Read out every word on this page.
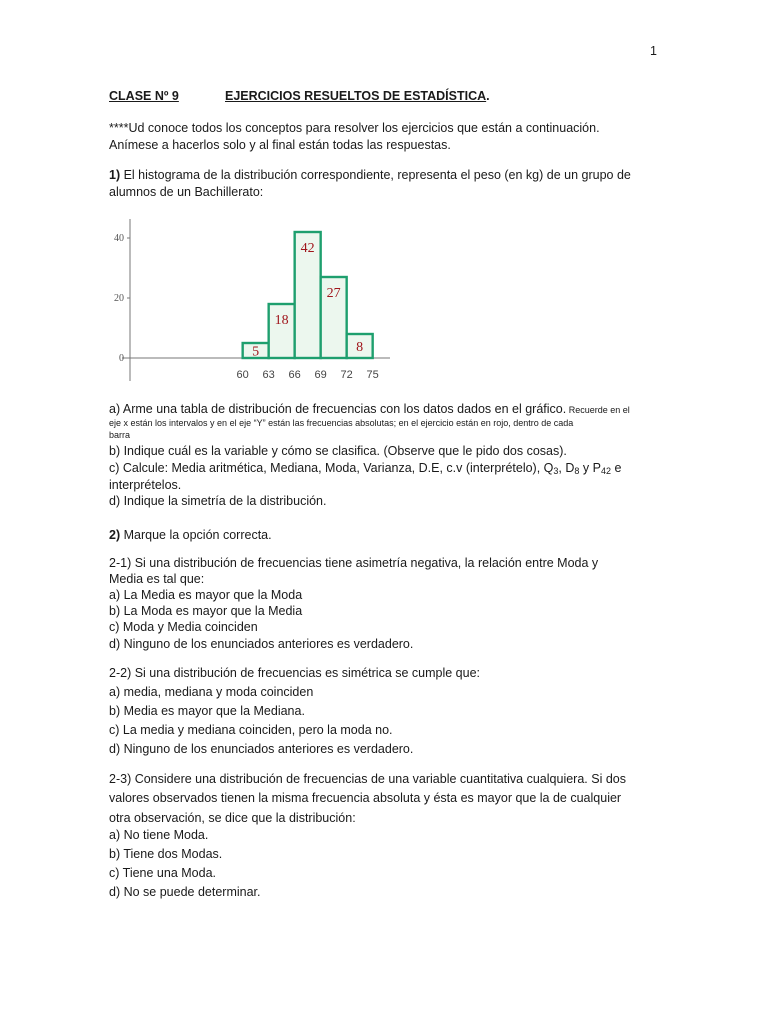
1
CLASE Nº 9	EJERCICIOS RESUELTOS DE ESTADÍSTICA.
****Ud conoce todos los conceptos para resolver los ejercicios que están a continuación.
Anímese a hacerlos solo y al final están todas las respuestas.
1) El histograma de la distribución correspondiente, representa el peso (en kg) de un grupo de
alumnos de un Bachillerato:
0
20
40
5
18
42
27
8
60 63 66 69 72 75
a) Arme una tabla de distribución de frecuencias con los datos dados en el gráfico. Recuerde en el
eje x están los intervalos y en el eje “Y” están las frecuencias absolutas; en el ejercicio están en rojo, dentro de cada
barra
b) Indique cuál es la variable y cómo se clasifica. (Observe que le pido dos cosas).
c) Calcule: Media aritmética, Mediana, Moda, Varianza, D.E, c.v (interprételo), $Q_3$, $D_8$ y $P_{42}$ e
interprételos.
d) Indique la simetría de la distribución.
2) Marque la opción correcta.
2-1) Si una distribución de frecuencias tiene asimetría negativa, la relación entre Moda y
Media es tal que:
a) La Media es mayor que la Moda
b) La Moda es mayor que la Media
c) Moda y Media coinciden
d) Ninguno de los enunciados anteriores es verdadero.
2-2) Si una distribución de frecuencias es simétrica se cumple que:
a) media, mediana y moda coinciden
b) Media es mayor que la Mediana.
c) La media y mediana coinciden, pero la moda no.
d) Ninguno de los enunciados anteriores es verdadero.
2-3) Considere una distribución de frecuencias de una variable cuantitativa cualquiera. Si dos
valores observados tienen la misma frecuencia absoluta y ésta es mayor que la de cualquier
otra observación, se dice que la distribución:
a) No tiene Moda.
b) Tiene dos Modas.
c) Tiene una Moda.
d) No se puede determinar.
